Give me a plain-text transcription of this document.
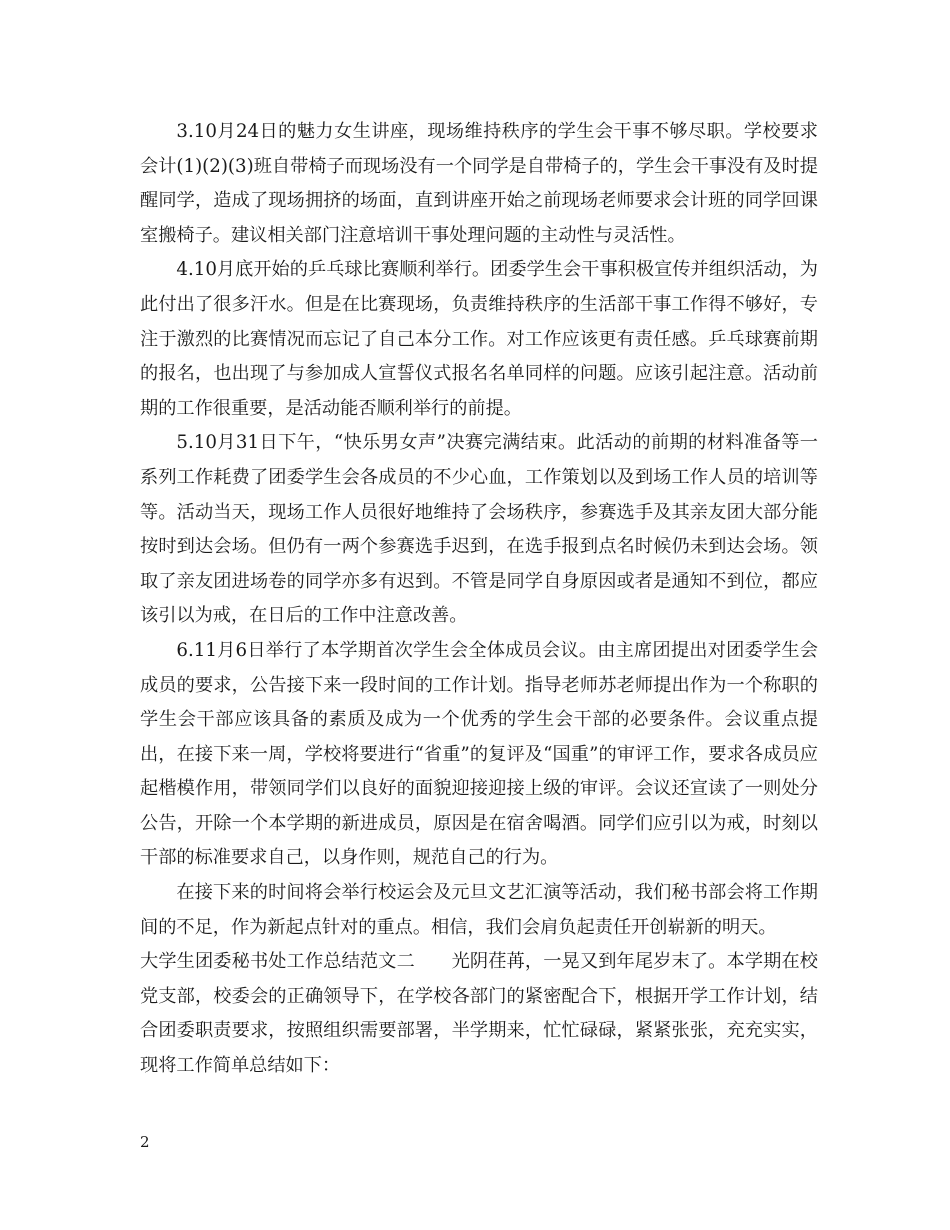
3.10月24日的魅力女生讲座，现场维持秩序的学生会干事不够尽职。学校要求会计(1)(2)(3)班自带椅子而现场没有一个同学是自带椅子的，学生会干事没有及时提醒同学，造成了现场拥挤的场面，直到讲座开始之前现场老师要求会计班的同学回课室搬椅子。建议相关部门注意培训干事处理问题的主动性与灵活性。

4.10月底开始的乒乓球比赛顺利举行。团委学生会干事积极宣传并组织活动，为此付出了很多汗水。但是在比赛现场，负责维持秩序的生活部干事工作得不够好，专注于激烈的比赛情况而忘记了自己本分工作。对工作应该更有责任感。乒乓球赛前期的报名，也出现了与参加成人宣誓仪式报名名单同样的问题。应该引起注意。活动前期的工作很重要，是活动能否顺利举行的前提。

5.10月31日下午，“快乐男女声”决赛完满结束。此活动的前期的材料准备等一系列工作耗费了团委学生会各成员的不少心血，工作策划以及到场工作人员的培训等等。活动当天，现场工作人员很好地维持了会场秩序，参赛选手及其亲友团大部分能按时到达会场。但仍有一两个参赛选手迟到，在选手报到点名时候仍未到达会场。领取了亲友团进场卷的同学亦多有迟到。不管是同学自身原因或者是通知不到位，都应该引以为戒，在日后的工作中注意改善。

6.11月6日举行了本学期首次学生会全体成员会议。由主席团提出对团委学生会成员的要求，公告接下来一段时间的工作计划。指导老师苏老师提出作为一个称职的学生会干部应该具备的素质及成为一个优秀的学生会干部的必要条件。会议重点提出，在接下来一周，学校将要进行“省重”的复评及“国重”的审评工作，要求各成员应起楷模作用，带领同学们以良好的面貌迎接迎接上级的审评。会议还宣读了一则处分公告，开除一个本学期的新进成员，原因是在宿舍喝酒。同学们应引以为戒，时刻以干部的标准要求自己，以身作则，规范自己的行为。

在接下来的时间将会举行校运会及元旦文艺汇演等活动，我们秘书部会将工作期间的不足，作为新起点针对的重点。相信，我们会肩负起责任开创崭新的明天。

大学生团委秘书处工作总结范文二　　光阴荏苒，一晃又到年尾岁末了。本学期在校党支部，校委会的正确领导下，在学校各部门的紧密配合下，根据开学工作计划，结合团委职责要求，按照组织需要部署，半学期来，忙忙碌碌，紧紧张张，充充实实，现将工作简单总结如下：

2
